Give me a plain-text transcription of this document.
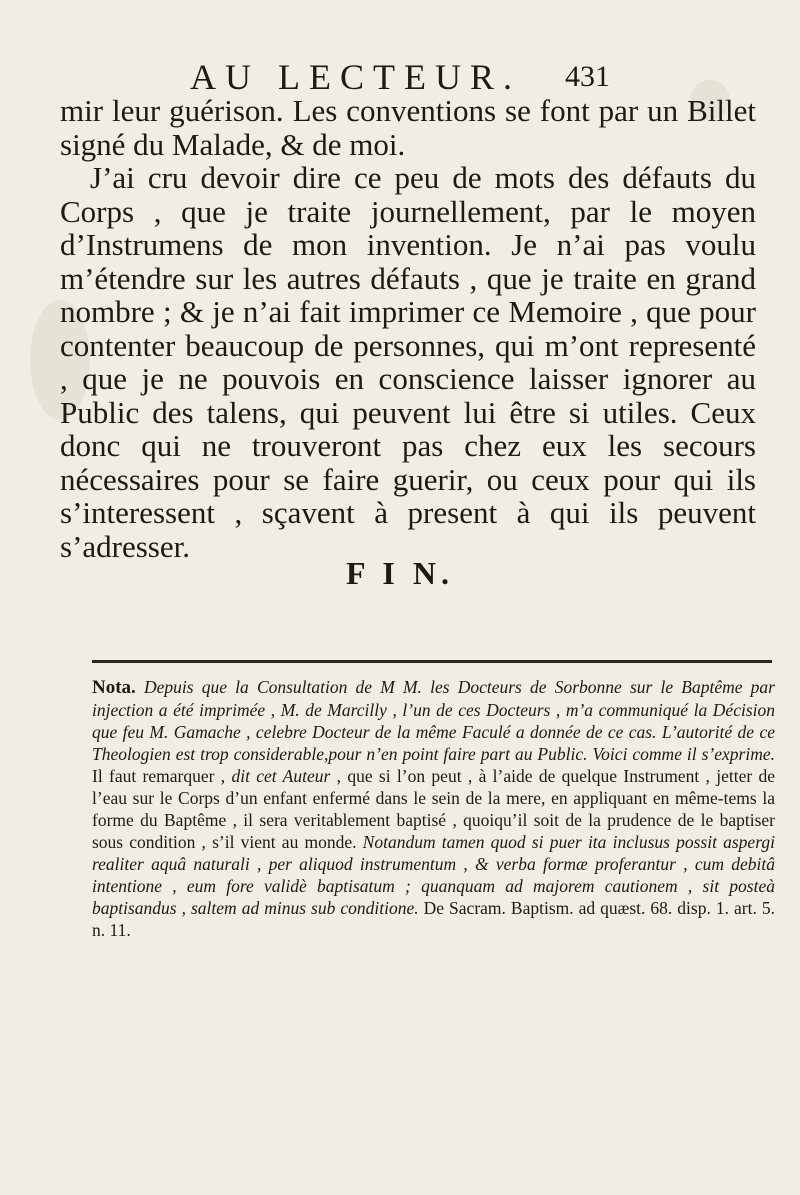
AU LECTEUR. 431

mir leur guérison. Les conventions se font par un Billet signé du Malade, & de moi.

J’ai cru devoir dire ce peu de mots des défauts du Corps , que je traite journellement, par le moyen d’Instrumens de mon invention. Je n’ai pas voulu m’étendre sur les autres défauts , que je traite en grand nombre ; & je n’ai fait imprimer ce Memoire , que pour contenter beaucoup de personnes, qui m’ont representé , que je ne pouvois en conscience laisser ignorer au Public des talens, qui peuvent lui être si utiles. Ceux donc qui ne trouveront pas chez eux les secours nécessaires pour se faire guerir, ou ceux pour qui ils s’interessent , sçavent à present à qui ils peuvent s’adresser.

F I N.
Nota. Depuis que la Consultation de M M. les Docteurs de Sorbonne sur le Baptême par injection a été imprimée , M. de Marcilly , l’un de ces Docteurs , m’a communiqué la Décision que feu M. Gamache , celebre Docteur de la même Faculé a donnée de ce cas. L’autorité de ce Theologien est trop considerable,pour n’en point faire part au Public. Voici comme il s’exprime. Il faut remarquer , dit cet Auteur , que si l’on peut , à l’aide de quelque Instrument , jetter de l’eau sur le Corps d’un enfant enfermé dans le sein de la mere, en appliquant en même-tems la forme du Baptême , il sera veritablement baptisé , quoiqu’il soit de la prudence de le baptiser sous condition , s’il vient au monde. Notandum tamen quod si puer ita inclusus possit aspergi realiter aquâ naturali , per aliquod instrumentum , & verba formæ proferantur , cum debitâ intentione , eum fore validè baptisatum ; quanquam ad majorem cautionem , sit posteà baptisandus , saltem ad minus sub conditione. De Sacram. Baptism. ad quæst. 68. disp. 1. art. 5. n. 11.
